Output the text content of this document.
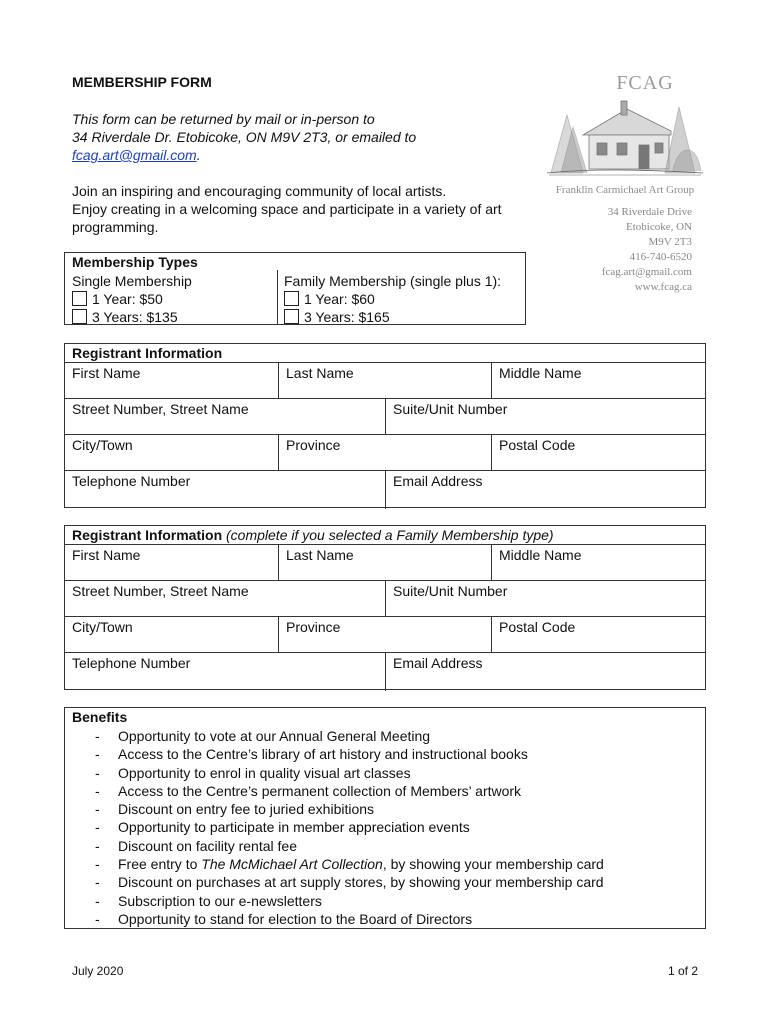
MEMBERSHIP FORM
This form can be returned by mail or in-person to
34 Riverdale Dr. Etobicoke, ON M9V 2T3, or emailed to
fcag.art@gmail.com.
Join an inspiring and encouraging community of local artists.
Enjoy creating in a welcoming space and participate in a variety of art programming.
FCAG
Franklin Carmichael Art Group
34 Riverdale Drive
Etobicoke, ON
M9V 2T3
416-740-6520
fcag.art@gmail.com
www.fcag.ca
Membership Types
Single Membership
1 Year: $50
3 Years: $135
Family Membership (single plus 1):
1 Year: $60
3 Years: $165
Registrant Information
First Name	Last Name	Middle Name
Street Number, Street Name	Suite/Unit Number
City/Town	Province	Postal Code
Telephone Number	Email Address
Registrant Information (complete if you selected a Family Membership type)
First Name	Last Name	Middle Name
Street Number, Street Name	Suite/Unit Number
City/Town	Province	Postal Code
Telephone Number	Email Address
Benefits
- Opportunity to vote at our Annual General Meeting
- Access to the Centre’s library of art history and instructional books
- Opportunity to enrol in quality visual art classes
- Access to the Centre’s permanent collection of Members’ artwork
- Discount on entry fee to juried exhibitions
- Opportunity to participate in member appreciation events
- Discount on facility rental fee
- Free entry to The McMichael Art Collection, by showing your membership card
- Discount on purchases at art supply stores, by showing your membership card
- Subscription to our e-newsletters
- Opportunity to stand for election to the Board of Directors
July 2020	1 of 2
